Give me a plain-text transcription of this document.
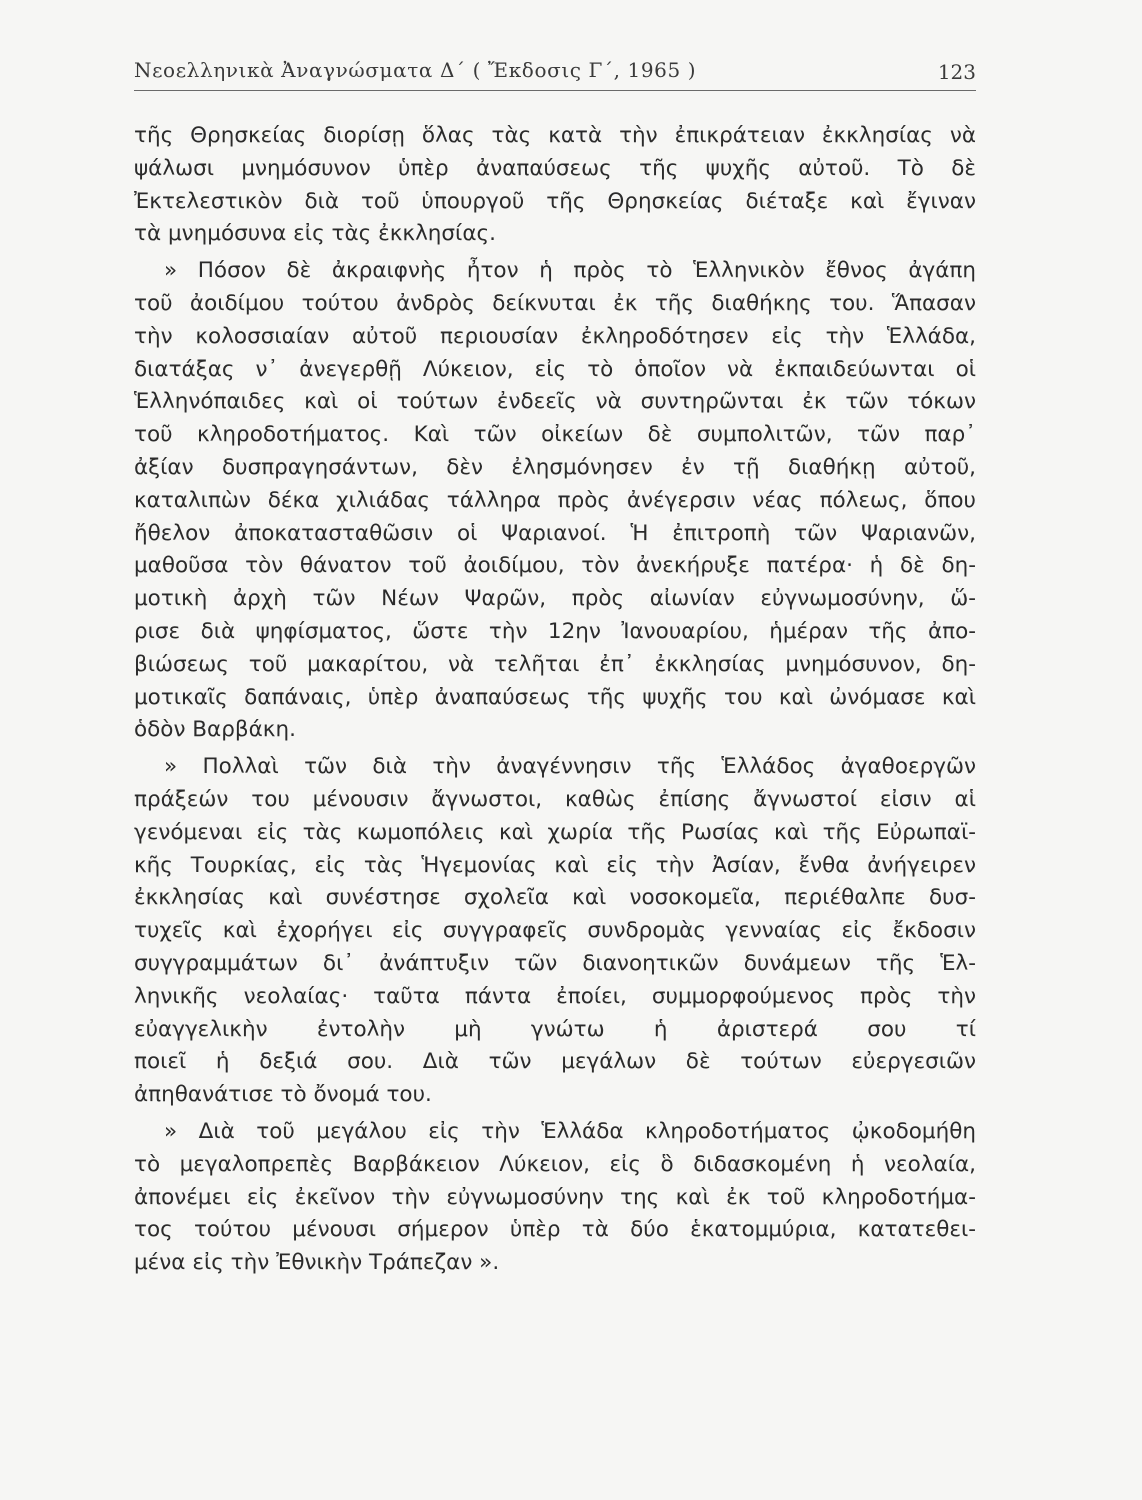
Νεοελληνικὰ Ἀναγνώσματα Δ΄ ( Ἔκδοσις Γ΄, 1965 )	123
τῆς Θρησκείας διορίσῃ ὅλας τὰς κατὰ τὴν ἐπικράτειαν ἐκκλησίας νὰ
ψάλωσι μνημόσυνον ὑπὲρ ἀναπαύσεως τῆς ψυχῆς αὐτοῦ. Τὸ δὲ
Ἐκτελεστικὸν διὰ τοῦ ὑπουργοῦ τῆς Θρησκείας διέταξε καὶ ἔγιναν
τὰ μνημόσυνα εἰς τὰς ἐκκλησίας.
» Πόσον δὲ ἀκραιφνὴς ἦτον ἡ πρὸς τὸ Ἑλληνικὸν ἔθνος ἀγάπη
τοῦ ἀοιδίμου τούτου ἀνδρὸς δείκνυται ἐκ τῆς διαθήκης του. Ἅπασαν
τὴν κολοσσιαίαν αὐτοῦ περιουσίαν ἐκληροδότησεν εἰς τὴν Ἑλλάδα,
διατάξας ν᾽ ἀνεγερθῇ Λύκειον, εἰς τὸ ὁποῖον νὰ ἐκπαιδεύωνται οἱ
Ἑλληνόπαιδες καὶ οἱ τούτων ἐνδεεῖς νὰ συντηρῶνται ἐκ τῶν τόκων
τοῦ κληροδοτήματος. Καὶ τῶν οἰκείων δὲ συμπολιτῶν, τῶν παρ᾽
ἀξίαν δυσπραγησάντων, δὲν ἐλησμόνησεν ἐν τῇ διαθήκῃ αὐτοῦ,
καταλιπὼν δέκα χιλιάδας τάλληρα πρὸς ἀνέγερσιν νέας πόλεως, ὅπου
ἤθελον ἀποκατασταθῶσιν οἱ Ψαριανοί. Ἡ ἐπιτροπὴ τῶν Ψαριανῶν,
μαθοῦσα τὸν θάνατον τοῦ ἀοιδίμου, τὸν ἀνεκήρυξε πατέρα· ἡ δὲ δη-
μοτικὴ ἀρχὴ τῶν Νέων Ψαρῶν, πρὸς αἰωνίαν εὐγνωμοσύνην, ὥ-
ρισε διὰ ψηφίσματος, ὥστε τὴν 12ην Ἰανουαρίου, ἡμέραν τῆς ἀπο-
βιώσεως τοῦ μακαρίτου, νὰ τελῆται ἐπ᾽ ἐκκλησίας μνημόσυνον, δη-
μοτικαῖς δαπάναις, ὑπὲρ ἀναπαύσεως τῆς ψυχῆς του καὶ ὠνόμασε καὶ
ὁδὸν Βαρβάκη.
» Πολλαὶ τῶν διὰ τὴν ἀναγέννησιν τῆς Ἑλλάδος ἀγαθοεργῶν
πράξεών του μένουσιν ἄγνωστοι, καθὼς ἐπίσης ἄγνωστοί εἰσιν αἱ
γενόμεναι εἰς τὰς κωμοπόλεις καὶ χωρία τῆς Ρωσίας καὶ τῆς Εὐρωπαϊ-
κῆς Τουρκίας, εἰς τὰς Ἡγεμονίας καὶ εἰς τὴν Ἀσίαν, ἔνθα ἀνήγειρεν
ἐκκλησίας καὶ συνέστησε σχολεῖα καὶ νοσοκομεῖα, περιέθαλπε δυσ-
τυχεῖς καὶ ἐχορήγει εἰς συγγραφεῖς συνδρομὰς γενναίας εἰς ἔκδοσιν
συγγραμμάτων δι᾽ ἀνάπτυξιν τῶν διανοητικῶν δυνάμεων τῆς Ἑλ-
ληνικῆς νεολαίας· ταῦτα πάντα ἐποίει, συμμορφούμενος πρὸς τὴν
εὐαγγελικὴν ἐντολὴν μὴ γνώτω ἡ ἀριστερά σου τί
ποιεῖ ἡ δεξιά σου. Διὰ τῶν μεγάλων δὲ τούτων εὐεργεσιῶν
ἀπηθανάτισε τὸ ὄνομά του.
» Διὰ τοῦ μεγάλου εἰς τὴν Ἑλλάδα κληροδοτήματος ᾠκοδομήθη
τὸ μεγαλοπρεπὲς Βαρβάκειον Λύκειον, εἰς ὃ διδασκομένη ἡ νεολαία,
ἀπονέμει εἰς ἐκεῖνον τὴν εὐγνωμοσύνην της καὶ ἐκ τοῦ κληροδοτήμα-
τος τούτου μένουσι σήμερον ὑπὲρ τὰ δύο ἑκατομμύρια, κατατεθει-
μένα εἰς τὴν Ἐθνικὴν Τράπεζαν ».
